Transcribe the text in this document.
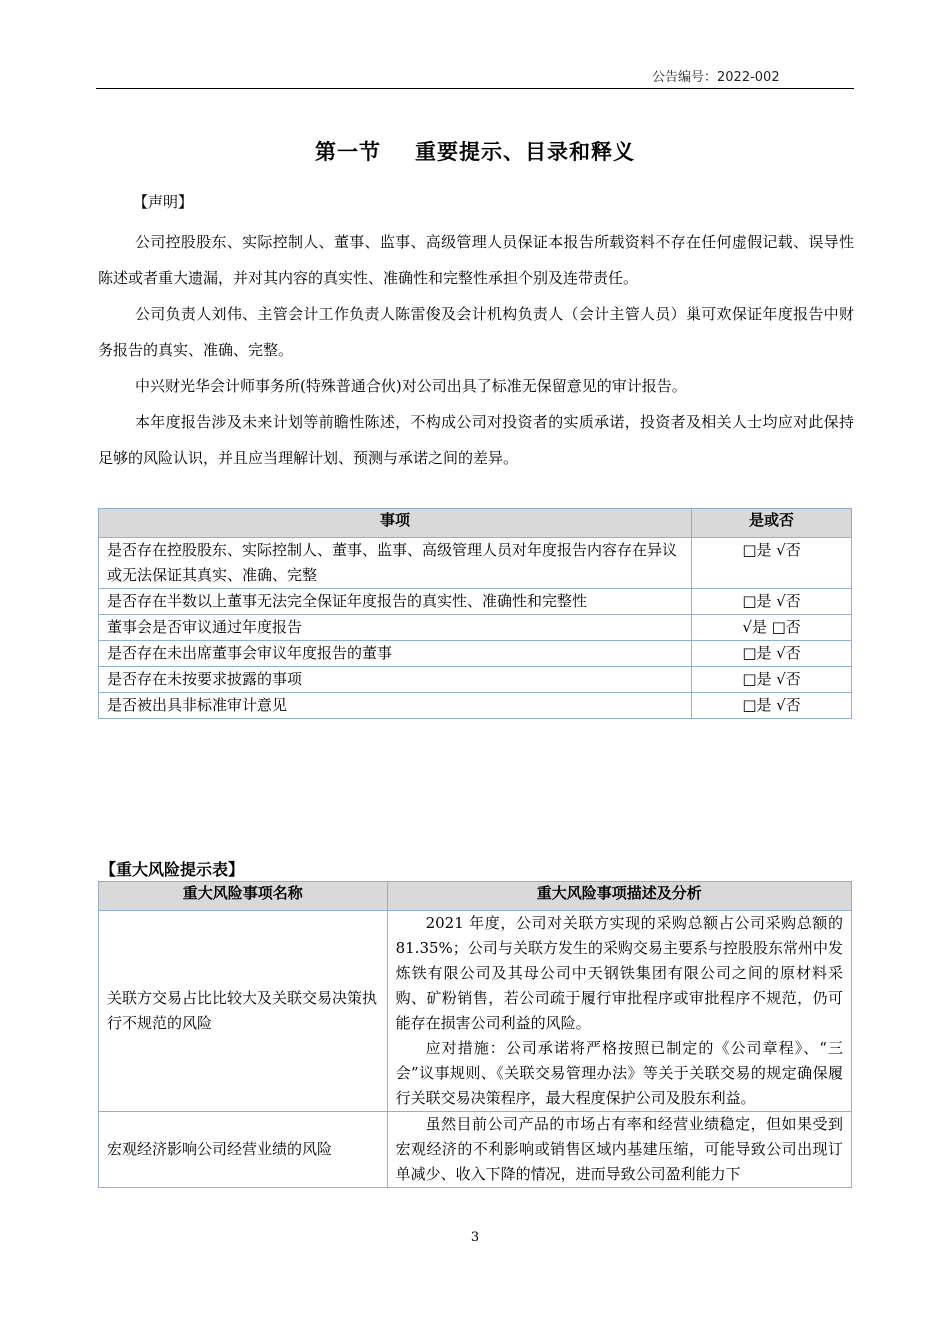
公告编号：2022-002
第一节 重要提示、目录和释义
【声明】
公司控股股东、实际控制人、董事、监事、高级管理人员保证本报告所载资料不存在任何虚假记载、误导性陈述或者重大遗漏，并对其内容的真实性、准确性和完整性承担个别及连带责任。
公司负责人刘伟、主管会计工作负责人陈雷俊及会计机构负责人（会计主管人员）巢可欢保证年度报告中财务报告的真实、准确、完整。
中兴财光华会计师事务所(特殊普通合伙)对公司出具了标准无保留意见的审计报告。
本年度报告涉及未来计划等前瞻性陈述，不构成公司对投资者的实质承诺，投资者及相关人士均应对此保持足够的风险认识，并且应当理解计划、预测与承诺之间的差异。
事项	是或否
是否存在控股股东、实际控制人、董事、监事、高级管理人员对年度报告内容存在异议或无法保证其真实、准确、完整	□是 √否
是否存在半数以上董事无法完全保证年度报告的真实性、准确性和完整性	□是 √否
董事会是否审议通过年度报告	√是 □否
是否存在未出席董事会审议年度报告的董事	□是 √否
是否存在未按要求披露的事项	□是 √否
是否被出具非标准审计意见	□是 √否
【重大风险提示表】
重大风险事项名称	重大风险事项描述及分析
关联方交易占比比较大及关联交易决策执行不规范的风险	2021 年度，公司对关联方实现的采购总额占公司采购总额的 81.35%；公司与关联方发生的采购交易主要系与控股股东常州中发炼铁有限公司及其母公司中天钢铁集团有限公司之间的原材料采购、矿粉销售，若公司疏于履行审批程序或审批程序不规范，仍可能存在损害公司利益的风险。

应对措施：公司承诺将严格按照已制定的《公司章程》、“三会”议事规则、《关联交易管理办法》等关于关联交易的规定确保履行关联交易决策程序，最大程度保护公司及股东利益。

宏观经济影响公司经营业绩的风险	虽然目前公司产品的市场占有率和经营业绩稳定，但如果受到宏观经济的不利影响或销售区域内基建压缩，可能导致公司出现订单减少、收入下降的情况，进而导致公司盈利能力下

3
